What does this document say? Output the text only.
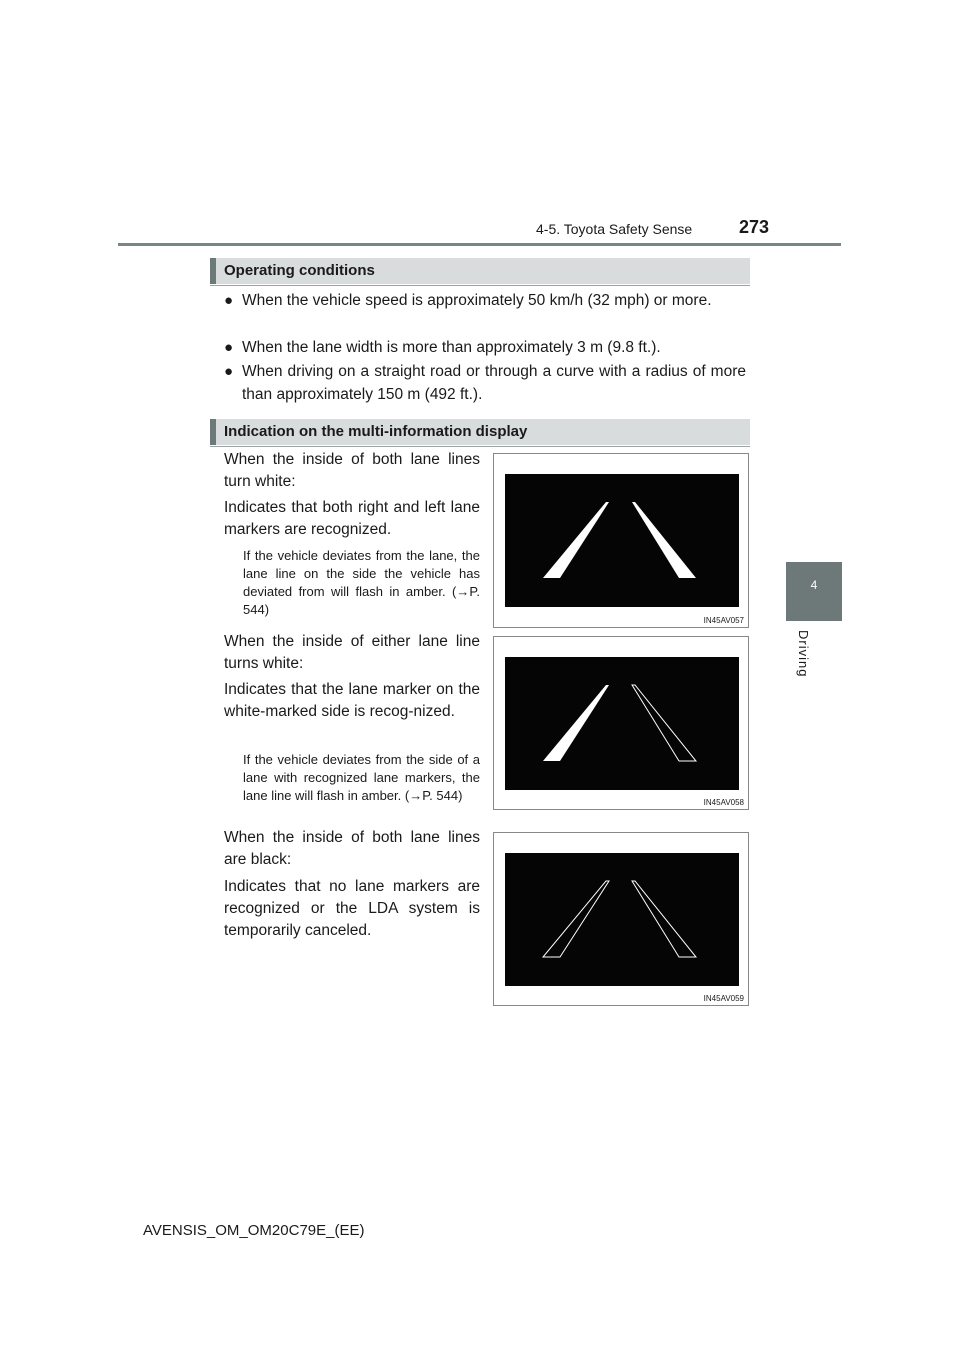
4-5. Toyota Safety Sense	273
4
Driving
Operating conditions
● When the vehicle speed is approximately 50 km/h (32 mph) or more.
● When the lane width is more than approximately 3 m (9.8 ft.).
● When driving on a straight road or through a curve with a radius of more than approximately 150 m (492 ft.).
Indication on the multi-information display
When the inside of both lane lines turn white:
Indicates that both right and left lane markers are recognized.
If the vehicle deviates from the lane, the lane line on the side the vehicle has deviated from will flash in amber. (→P. 544)
IN45AV057
When the inside of either lane line turns white:
Indicates that the lane marker on the white-marked side is recog-nized.
If the vehicle deviates from the side of a lane with recognized lane markers, the lane line will flash in amber. (→P. 544)	IN45AV058
When the inside of both lane lines are black:
Indicates that no lane markers are recognized or the LDA system is temporarily canceled.
IN45AV059
AVENSIS_OM_OM20C79E_(EE)
